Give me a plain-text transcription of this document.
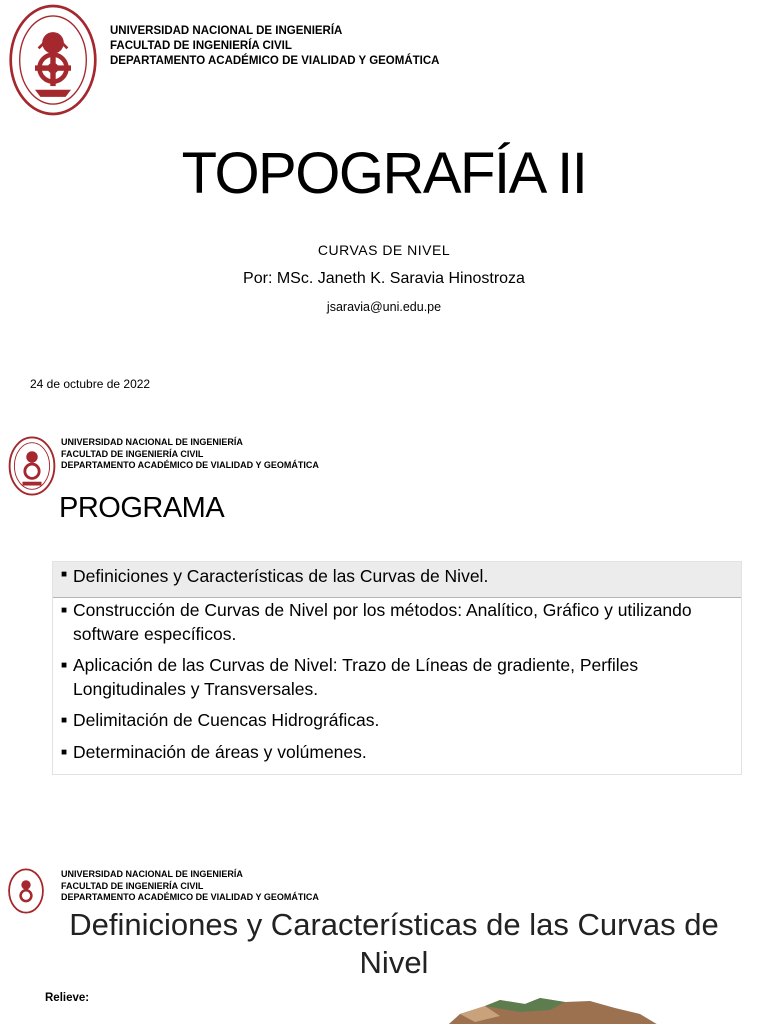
UNIVERSIDAD NACIONAL DE INGENIERÍA
FACULTAD DE INGENIERÍA CIVIL
DEPARTAMENTO ACADÉMICO DE VIALIDAD Y GEOMÁTICA
TOPOGRAFÍA II
CURVAS DE NIVEL
Por: MSc. Janeth K. Saravia Hinostroza
jsaravia@uni.edu.pe
24 de octubre de 2022
UNIVERSIDAD NACIONAL DE INGENIERÍA
FACULTAD DE INGENIERÍA CIVIL
DEPARTAMENTO ACADÉMICO DE VIALIDAD Y GEOMÁTICA
PROGRAMA
■ Definiciones y Características de las Curvas de Nivel.
■ Construcción de Curvas de Nivel por los métodos: Analítico, Gráfico y utilizando software específicos.
■ Aplicación de las Curvas de Nivel: Trazo de Líneas de gradiente, Perfiles Longitudinales y Transversales.
■ Delimitación de Cuencas Hidrográficas.
■ Determinación de áreas y volúmenes.
UNIVERSIDAD NACIONAL DE INGENIERÍA
FACULTAD DE INGENIERÍA CIVIL
DEPARTAMENTO ACADÉMICO DE VIALIDAD Y GEOMÁTICA
Definiciones y Características de las Curvas de Nivel
Relieve:
